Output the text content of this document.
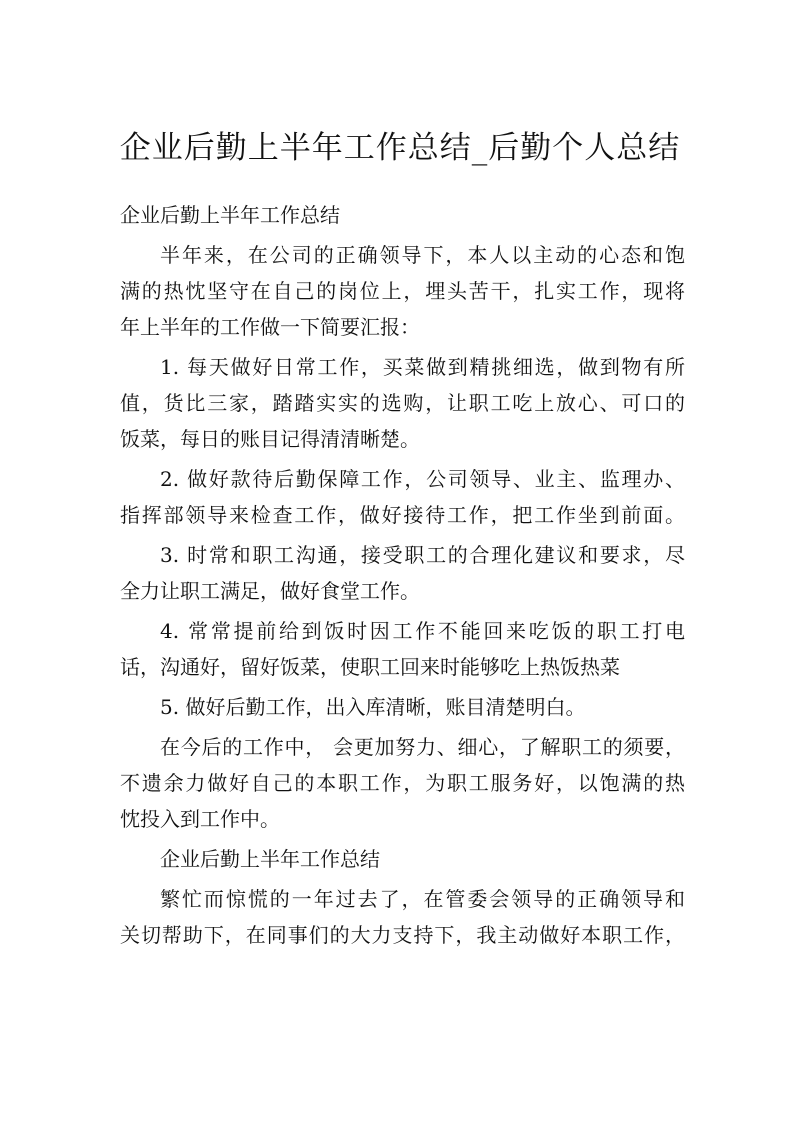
企业后勤上半年工作总结_后勤个人总结
企业后勤上半年工作总结
半年来，在公司的正确领导下，本人以主动的心态和饱
满的热忱坚守在自己的岗位上，埋头苦干，扎实工作，现将
年上半年的工作做一下简要汇报：
1. 每天做好日常工作，买菜做到精挑细选，做到物有所
值，货比三家，踏踏实实的选购，让职工吃上放心、可口的
饭菜，每日的账目记得清清晰楚。
2. 做好款待后勤保障工作，公司领导、业主、监理办、
指挥部领导来检查工作，做好接待工作，把工作坐到前面。
3. 时常和职工沟通，接受职工的合理化建议和要求，尽
全力让职工满足，做好食堂工作。
4. 常常提前给到饭时因工作不能回来吃饭的职工打电
话，沟通好，留好饭菜，使职工回来时能够吃上热饭热菜
5. 做好后勤工作，出入库清晰，账目清楚明白。
在今后的工作中， 会更加努力、细心，了解职工的须要，
不遗余力做好自己的本职工作，为职工服务好，以饱满的热
忱投入到工作中。
企业后勤上半年工作总结
繁忙而惊慌的一年过去了，在管委会领导的正确领导和
关切帮助下，在同事们的大力支持下，我主动做好本职工作，
